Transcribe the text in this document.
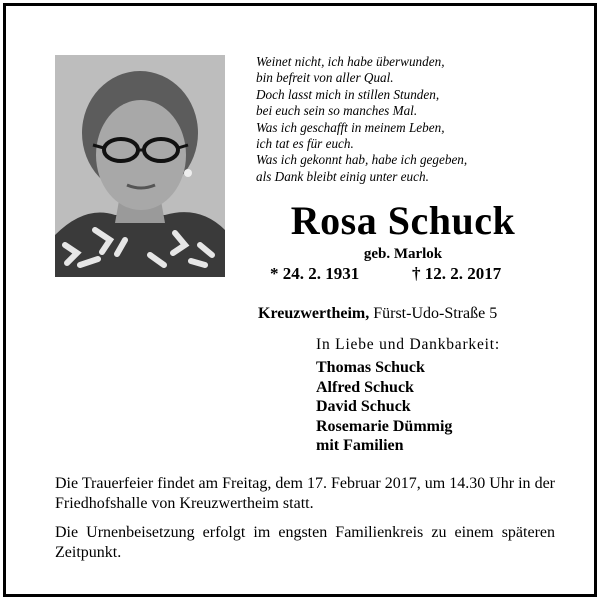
Weinet nicht, ich habe überwunden,
bin befreit von aller Qual.
Doch lasst mich in stillen Stunden,
bei euch sein so manches Mal.
Was ich geschafft in meinem Leben,
ich tat es für euch.
Was ich gekonnt hab, habe ich gegeben,
als Dank bleibt einig unter euch.
Rosa Schuck
geb. Marlok
* 24. 2. 1931	† 12. 2. 2017
Kreuzwertheim, Fürst-Udo-Straße 5
In Liebe und Dankbarkeit:
Thomas Schuck
Alfred Schuck
David Schuck
Rosemarie Dümmig
mit Familien
Die Trauerfeier findet am Freitag, dem 17. Februar 2017, um 14.30 Uhr in der Friedhofshalle von Kreuzwertheim statt.
Die Urnenbeisetzung erfolgt im engsten Familienkreis zu einem späteren Zeitpunkt.
